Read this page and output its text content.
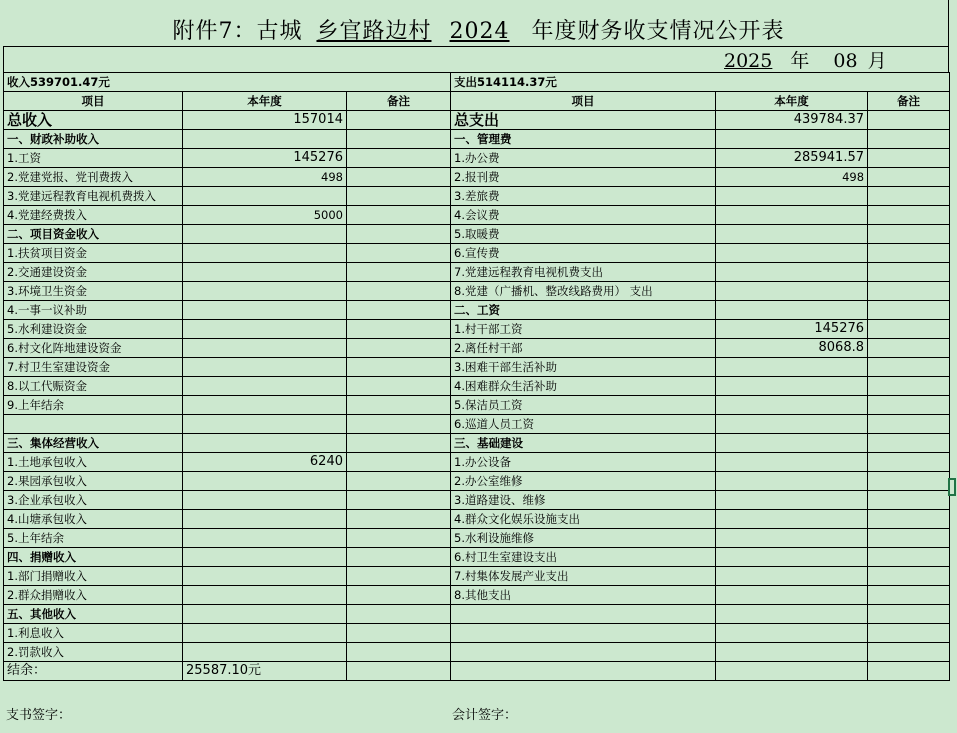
附件7：古城 乡官路边村 2024 年度财务收支情况公开表
2025 年 08 月
收入539701.47元			支出514114.37元		
项目	本年度	备注	项目	本年度	备注
总收入	157014		总支出	439784.37	
一、财政补助收入			一、管理费		
1.工资	145276		1.办公费	285941.57	
2.党建党报、党刊费拨入	498		2.报刊费	498	
3.党建远程教育电视机费拨入			3.差旅费		
4.党建经费拨入	5000		4.会议费		
二、项目资金收入			5.取暖费		
1.扶贫项目资金			6.宣传费		
2.交通建设资金			7.党建远程教育电视机费支出		
3.环境卫生资金			8.党建（广播机、整改线路费用） 支出		
4.一事一议补助			二、工资		
5.水利建设资金			1.村干部工资	145276	
6.村文化阵地建设资金			2.离任村干部	8068.8	
7.村卫生室建设资金			3.困难干部生活补助		
8.以工代赈资金			4.困难群众生活补助		
9.上年结余			5.保洁员工资		
			6.巡道人员工资		
三、集体经营收入			三、基础建设		
1.土地承包收入	6240		1.办公设备		
2.果园承包收入			2.办公室维修		
3.企业承包收入			3.道路建设、维修		
4.山塘承包收入			4.群众文化娱乐设施支出		
5.上年结余			5.水利设施维修		
四、捐赠收入			6.村卫生室建设支出		
1.部门捐赠收入			7.村集体发展产业支出		
2.群众捐赠收入			8.其他支出		
五、其他收入					
1.利息收入					
2.罚款收入					
结余：	25587.10元				
支书签字：	会计签字：
